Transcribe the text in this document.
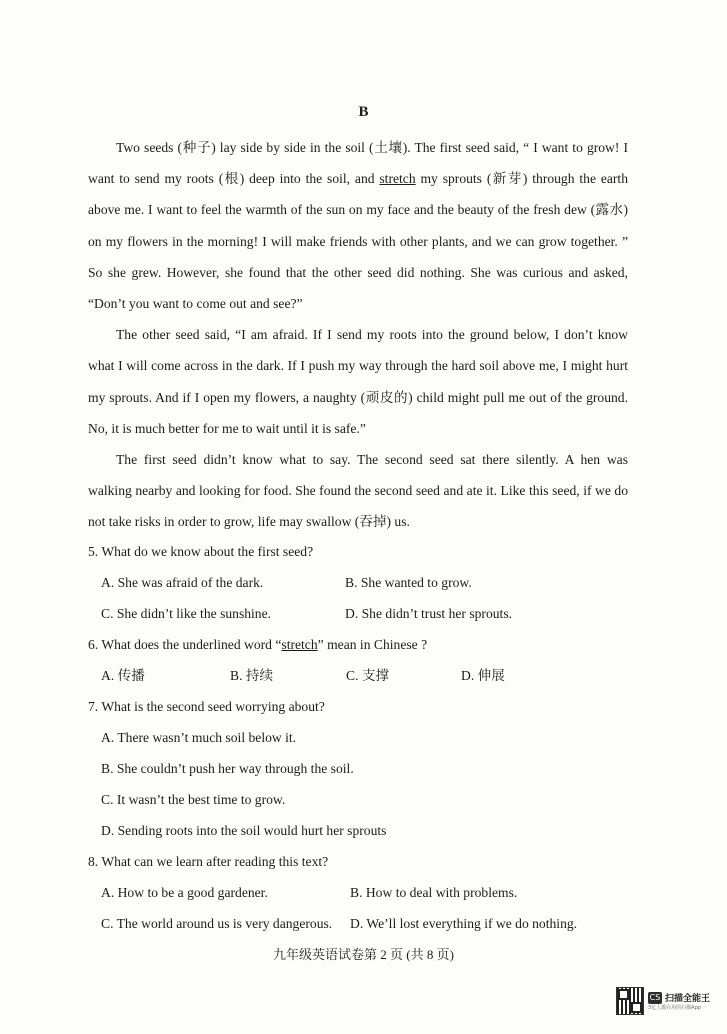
B
Two seeds (种子) lay side by side in the soil (土壤). The first seed said, “ I want to grow! I
want to send my roots (根) deep into the soil, and stretch my sprouts (新芽) through the earth
above me. I want to feel the warmth of the sun on my face and the beauty of the fresh dew (露水)
on my flowers in the morning! I will make friends with other plants, and we can grow together. ”
So she grew. However, she found that the other seed did nothing. She was curious and asked,
“Don’t you want to come out and see?”
The other seed said, “I am afraid. If I send my roots into the ground below, I don’t know
what I will come across in the dark. If I push my way through the hard soil above me, I might hurt
my sprouts. And if I open my flowers, a naughty (顽皮的) child might pull me out of the ground.
No, it is much better for me to wait until it is safe.”
The first seed didn’t know what to say. The second seed sat there silently. A hen was
walking nearby and looking for food. She found the second seed and ate it. Like this seed, if we do
not take risks in order to grow, life may swallow (吞掉) us.
5. What do we know about the first seed?
A. She was afraid of the dark.	B. She wanted to grow.
C. She didn’t like the sunshine.	D. She didn’t trust her sprouts.
6. What does the underlined word “stretch” mean in Chinese ?
A. 传播	B. 持续	C. 支撑	D. 伸展
7. What is the second seed worrying about?
A. There wasn’t much soil below it.
B. She couldn’t push her way through the soil.
C. It wasn’t the best time to grow.
D. Sending roots into the soil would hurt her sprouts
8. What can we learn after reading this text?
A. How to be a good gardener.	B. How to deal with problems.
C. The world around us is very dangerous. D. We’ll lost everything if we do nothing.
九年级英语试卷第 2 页 (共 8 页)
CS 扫描全能王
3亿人都在用的扫描App
